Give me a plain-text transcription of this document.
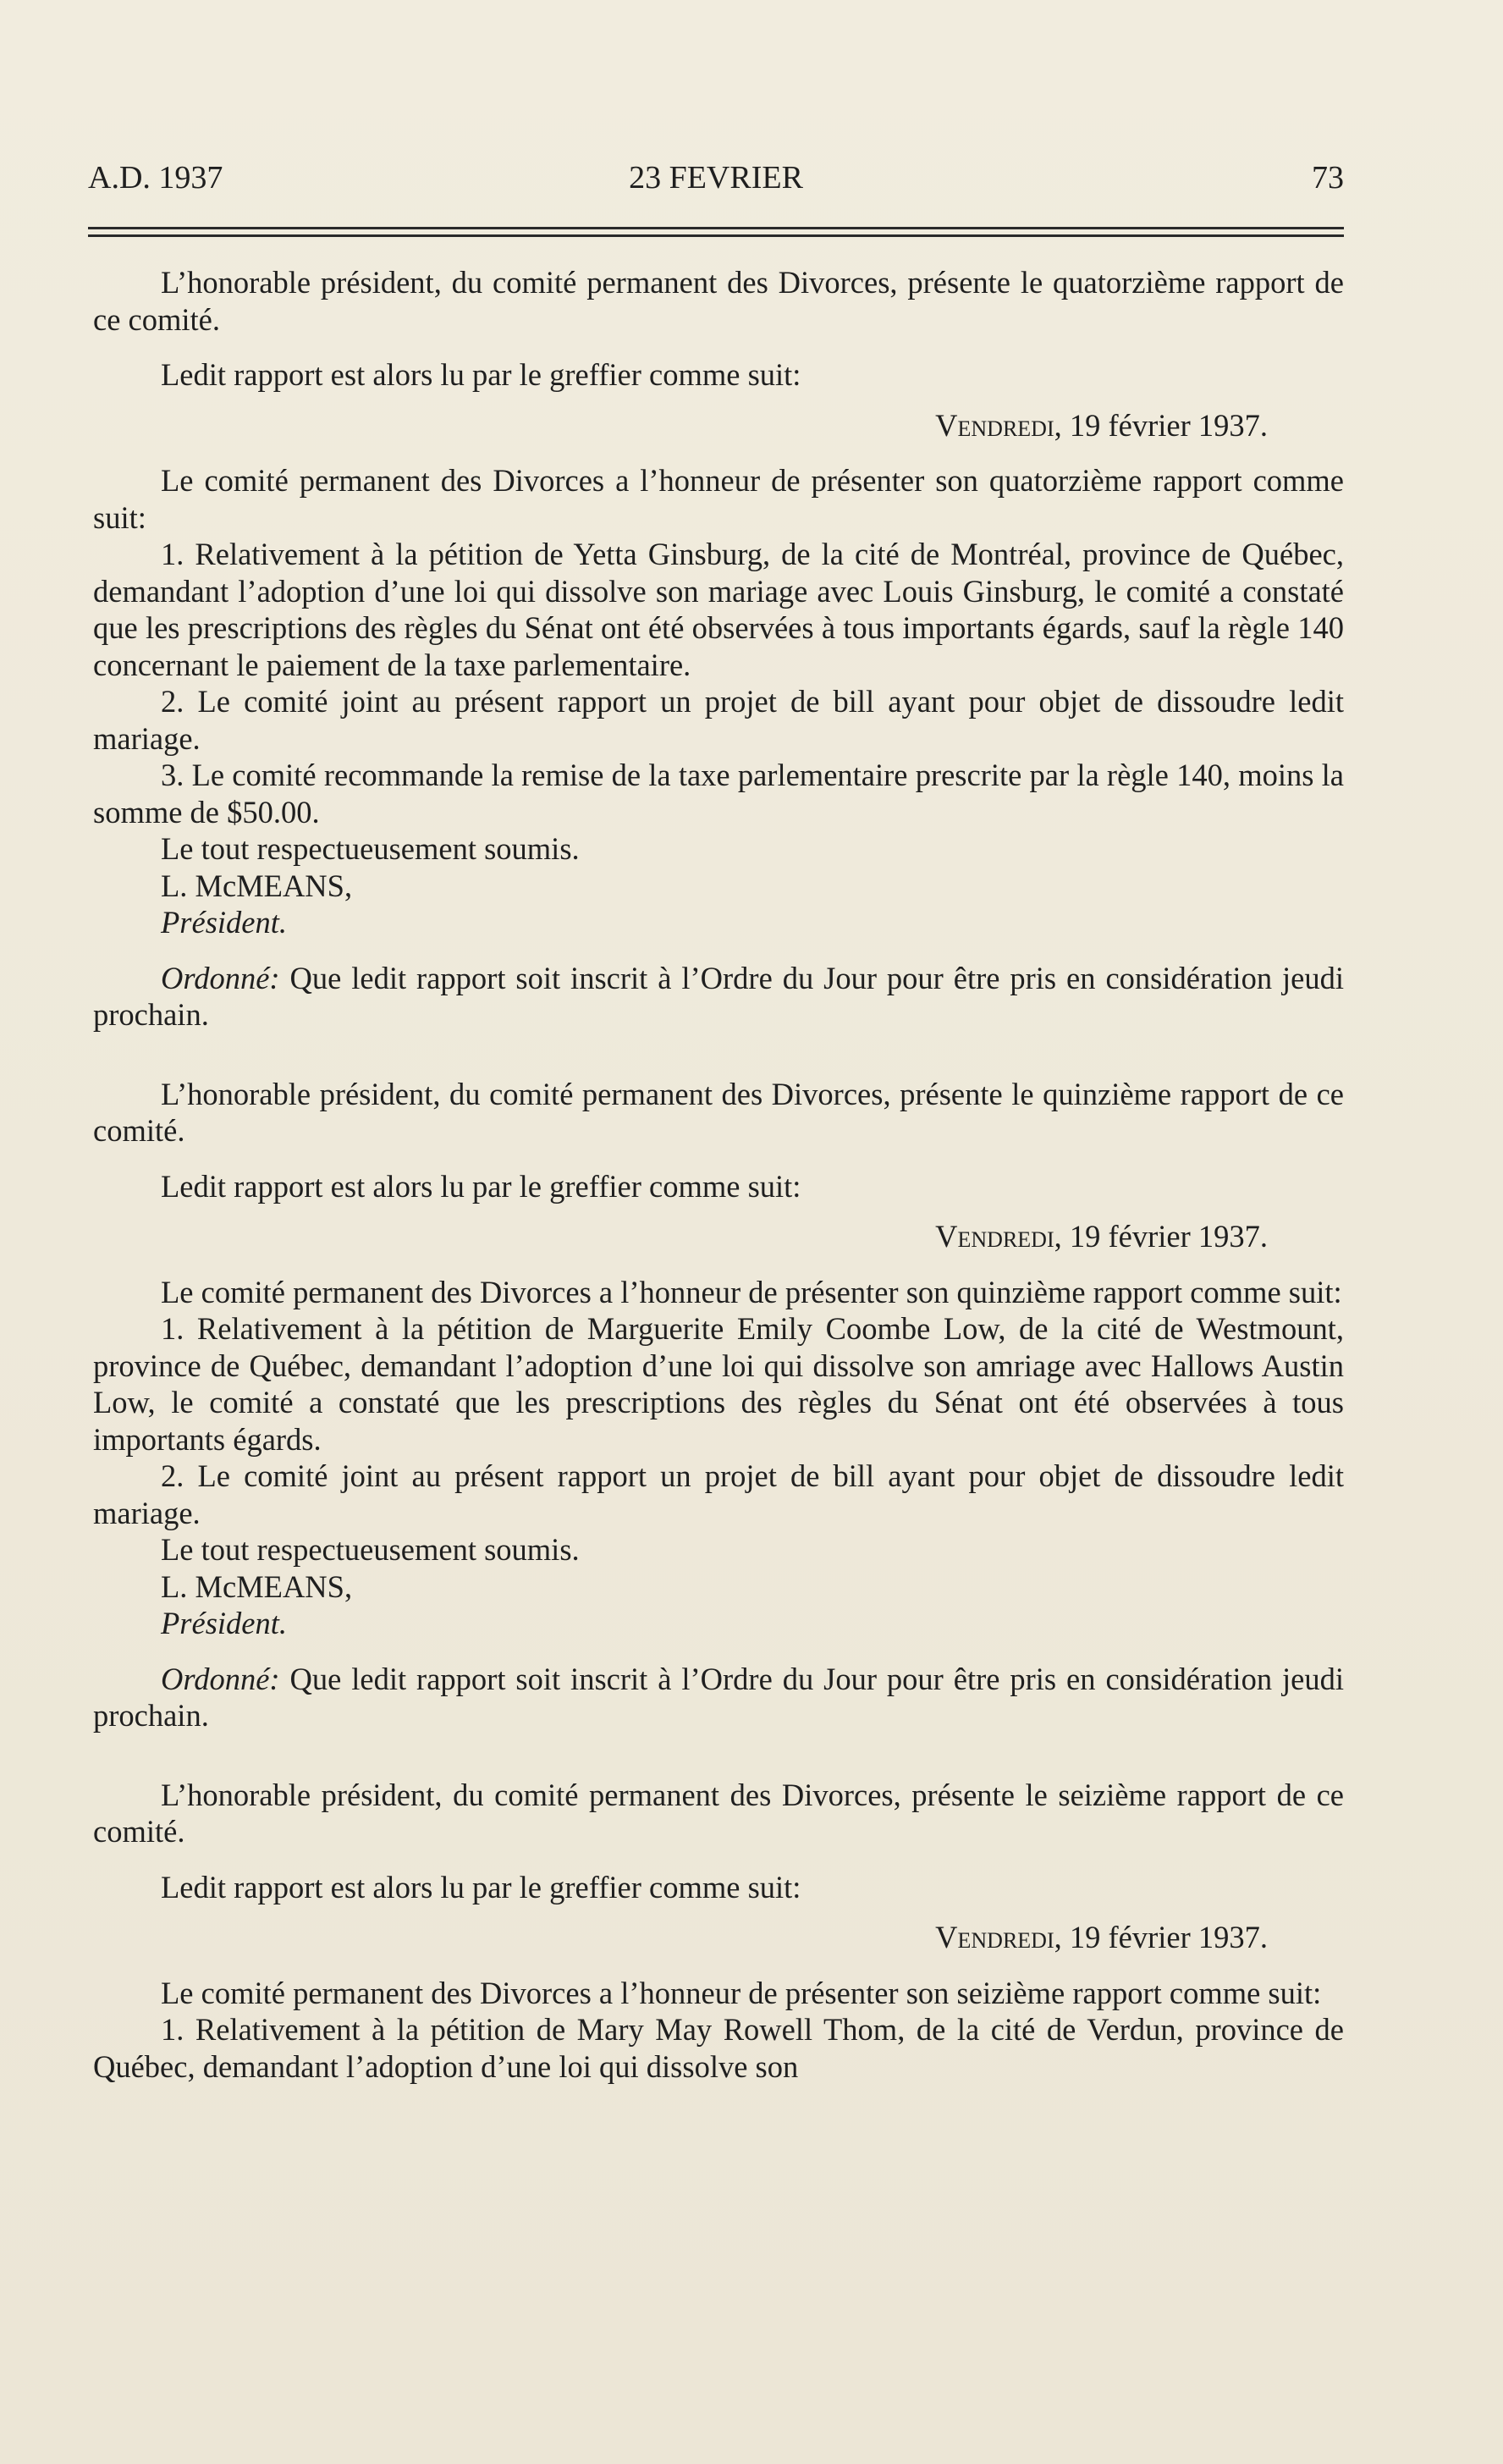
23 FEVRIER
A.D. 1937	73

L’honorable président, du comité permanent des Divorces, présente le quatorzième rapport de ce comité.

Ledit rapport est alors lu par le greffier comme suit:

Vendredi, 19 février 1937.

Le comité permanent des Divorces a l’honneur de présenter son quatorzième rapport comme suit:

1. Relativement à la pétition de Yetta Ginsburg, de la cité de Montréal, province de Québec, demandant l’adoption d’une loi qui dissolve son mariage avec Louis Ginsburg, le comité a constaté que les prescriptions des règles du Sénat ont été observées à tous importants égards, sauf la règle 140 concernant le paiement de la taxe parlementaire.

2. Le comité joint au présent rapport un projet de bill ayant pour objet de dissoudre ledit mariage.

3. Le comité recommande la remise de la taxe parlementaire prescrite par la règle 140, moins la somme de $50.00.

Le tout respectueusement soumis.

L. McMEANS,

Président.

Ordonné: Que ledit rapport soit inscrit à l’Ordre du Jour pour être pris en considération jeudi prochain.

L’honorable président, du comité permanent des Divorces, présente le quinzième rapport de ce comité.

Ledit rapport est alors lu par le greffier comme suit:

Vendredi, 19 février 1937.

Le comité permanent des Divorces a l’honneur de présenter son quinzième rapport comme suit:

1. Relativement à la pétition de Marguerite Emily Coombe Low, de la cité de Westmount, province de Québec, demandant l’adoption d’une loi qui dissolve son amriage avec Hallows Austin Low, le comité a constaté que les prescriptions des règles du Sénat ont été observées à tous importants égards.

2. Le comité joint au présent rapport un projet de bill ayant pour objet de dissoudre ledit mariage.

Le tout respectueusement soumis.

L. McMEANS,

Président.

Ordonné: Que ledit rapport soit inscrit à l’Ordre du Jour pour être pris en considération jeudi prochain.

L’honorable président, du comité permanent des Divorces, présente le seizième rapport de ce comité.

Ledit rapport est alors lu par le greffier comme suit:

Vendredi, 19 février 1937.

Le comité permanent des Divorces a l’honneur de présenter son seizième rapport comme suit:

1. Relativement à la pétition de Mary May Rowell Thom, de la cité de Verdun, province de Québec, demandant l’adoption d’une loi qui dissolve son
